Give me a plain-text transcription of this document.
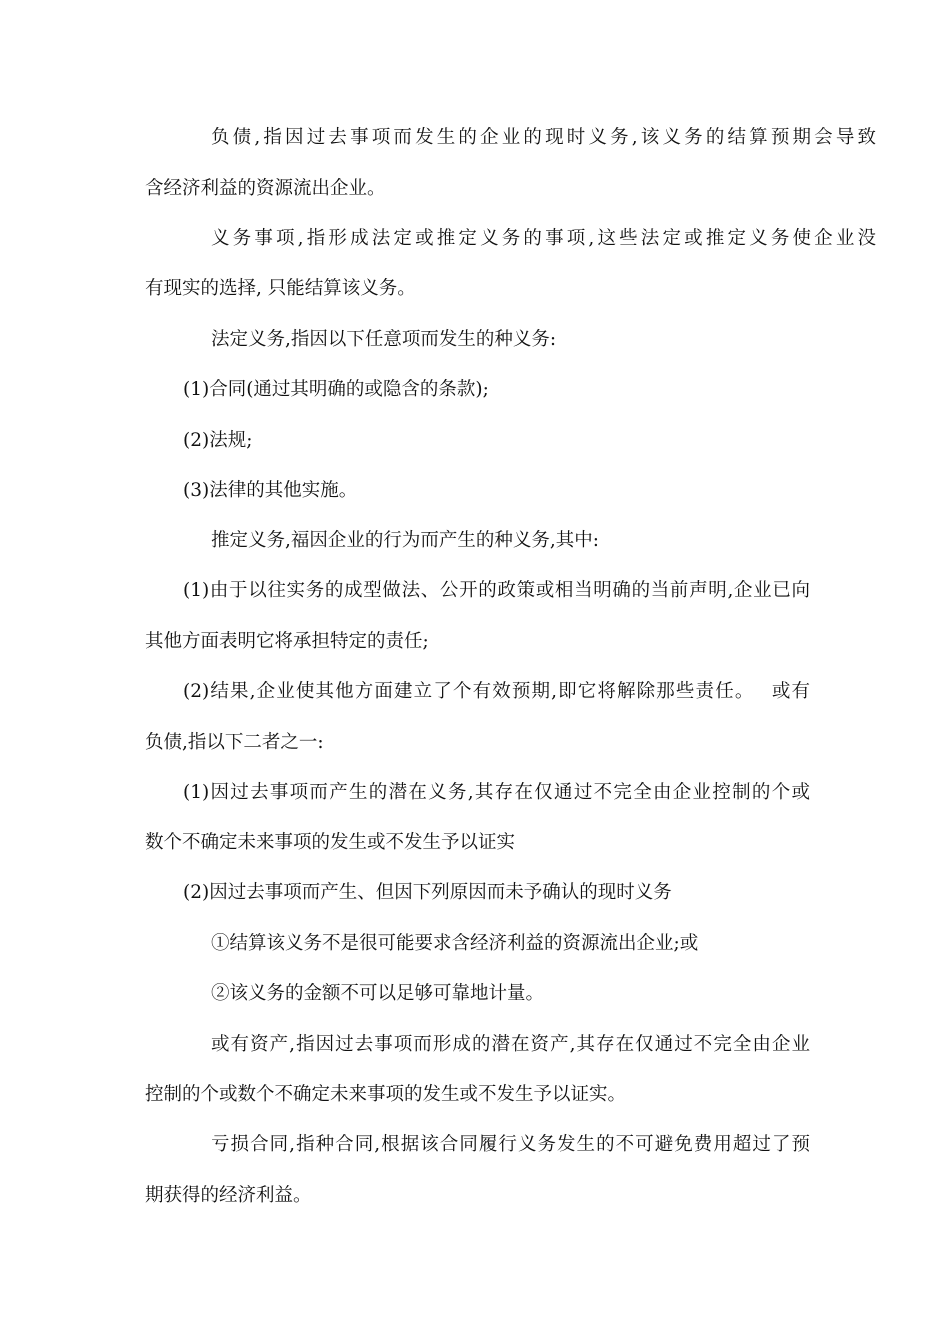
负债,指因过去事项而发生的企业的现时义务,该义务的结算预期会导致
含经济利益的资源流出企业。
义务事项,指形成法定或推定义务的事项,这些法定或推定义务使企业没
有现实的选择, 只能结算该义务。
法定义务,指因以下任意项而发生的种义务:
(1)合同(通过其明确的或隐含的条款);
(2)法规;
(3)法律的其他实施。
推定义务,福因企业的行为而产生的种义务,其中:
(1)由于以往实务的成型做法、公开的政策或相当明确的当前声明,企业已向
其他方面表明它将承担特定的责任;
(2)结果,企业使其他方面建立了个有效预期,即它将解除那些责任。　 或有
负债,指以下二者之一:
(1)因过去事项而产生的潜在义务,其存在仅通过不完全由企业控制的个或
数个不确定未来事项的发生或不发生予以证实
(2)因过去事项而产生、但因下列原因而未予确认的现时义务
①结算该义务不是很可能要求含经济利益的资源流出企业;或
②该义务的金额不可以足够可靠地计量。
或有资产,指因过去事项而形成的潜在资产,其存在仅通过不完全由企业
控制的个或数个不确定未来事项的发生或不发生予以证实。
亏损合同,指种合同,根据该合同履行义务发生的不可避免费用超过了预
期获得的经济利益。
